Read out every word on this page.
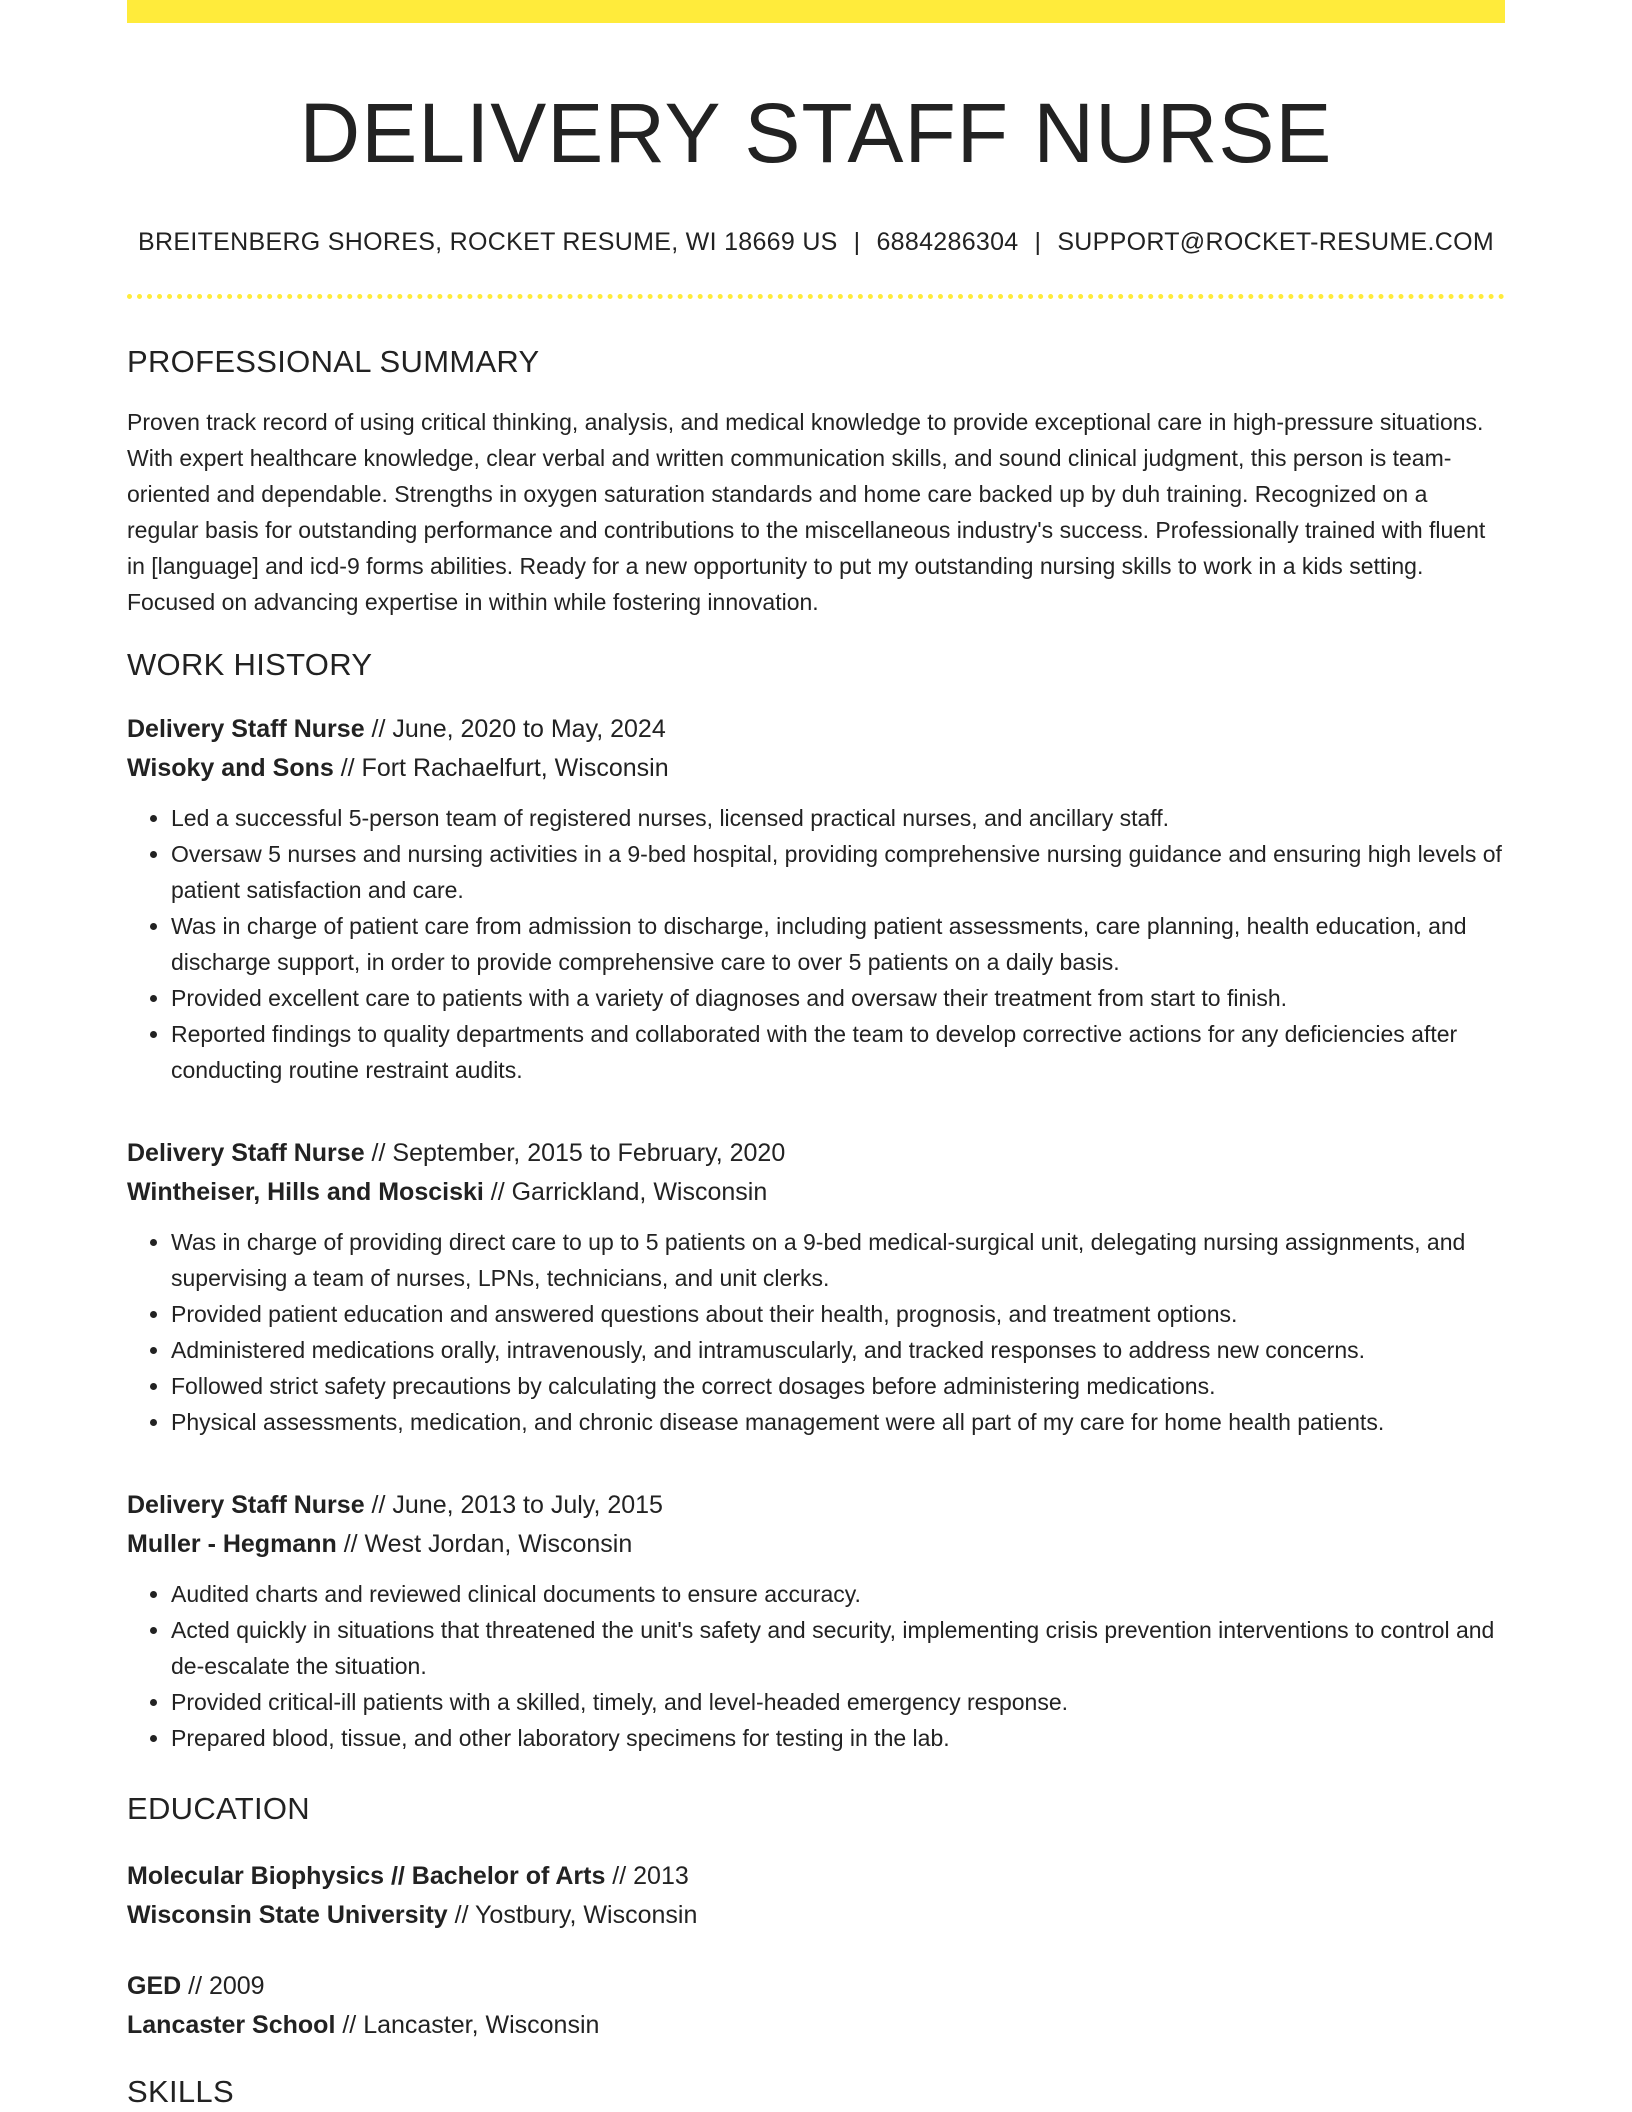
DELIVERY STAFF NURSE
BREITENBERG SHORES, ROCKET RESUME, WI 18669 US | 6884286304 | SUPPORT@ROCKET-RESUME.COM
PROFESSIONAL SUMMARY
Proven track record of using critical thinking, analysis, and medical knowledge to provide exceptional care in high-pressure situations. With expert healthcare knowledge, clear verbal and written communication skills, and sound clinical judgment, this person is team-oriented and dependable. Strengths in oxygen saturation standards and home care backed up by duh training. Recognized on a regular basis for outstanding performance and contributions to the miscellaneous industry's success. Professionally trained with fluent in [language] and icd-9 forms abilities. Ready for a new opportunity to put my outstanding nursing skills to work in a kids setting. Focused on advancing expertise in within while fostering innovation.
WORK HISTORY
Delivery Staff Nurse // June, 2020 to May, 2024
Wisoky and Sons // Fort Rachaelfurt, Wisconsin
• Led a successful 5-person team of registered nurses, licensed practical nurses, and ancillary staff.
• Oversaw 5 nurses and nursing activities in a 9-bed hospital, providing comprehensive nursing guidance and ensuring high levels of patient satisfaction and care.
• Was in charge of patient care from admission to discharge, including patient assessments, care planning, health education, and discharge support, in order to provide comprehensive care to over 5 patients on a daily basis.
• Provided excellent care to patients with a variety of diagnoses and oversaw their treatment from start to finish.
• Reported findings to quality departments and collaborated with the team to develop corrective actions for any deficiencies after conducting routine restraint audits.
Delivery Staff Nurse // September, 2015 to February, 2020
Wintheiser, Hills and Mosciski // Garrickland, Wisconsin
• Was in charge of providing direct care to up to 5 patients on a 9-bed medical-surgical unit, delegating nursing assignments, and supervising a team of nurses, LPNs, technicians, and unit clerks.
• Provided patient education and answered questions about their health, prognosis, and treatment options.
• Administered medications orally, intravenously, and intramuscularly, and tracked responses to address new concerns.
• Followed strict safety precautions by calculating the correct dosages before administering medications.
• Physical assessments, medication, and chronic disease management were all part of my care for home health patients.
Delivery Staff Nurse // June, 2013 to July, 2015
Muller - Hegmann // West Jordan, Wisconsin
• Audited charts and reviewed clinical documents to ensure accuracy.
• Acted quickly in situations that threatened the unit's safety and security, implementing crisis prevention interventions to control and de-escalate the situation.
• Provided critical-ill patients with a skilled, timely, and level-headed emergency response.
• Prepared blood, tissue, and other laboratory specimens for testing in the lab.
EDUCATION
Molecular Biophysics // Bachelor of Arts // 2013
Wisconsin State University // Yostbury, Wisconsin
GED // 2009
Lancaster School // Lancaster, Wisconsin
SKILLS
